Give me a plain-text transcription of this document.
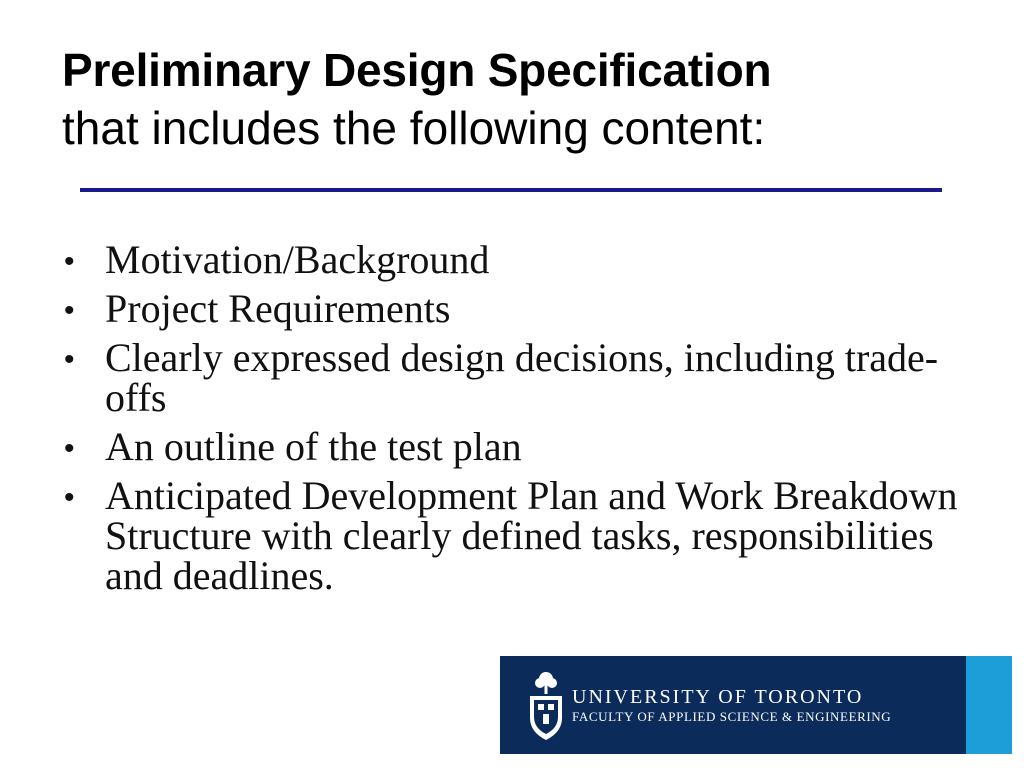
Preliminary Design Specification
that includes the following content:
• Motivation/Background
• Project Requirements
• Clearly expressed design decisions, including trade-offs
• An outline of the test plan
• Anticipated Development Plan and Work Breakdown Structure with clearly defined tasks, responsibilities and deadlines.
UNIVERSITY OF TORONTO
FACULTY OF APPLIED SCIENCE & ENGINEERING
